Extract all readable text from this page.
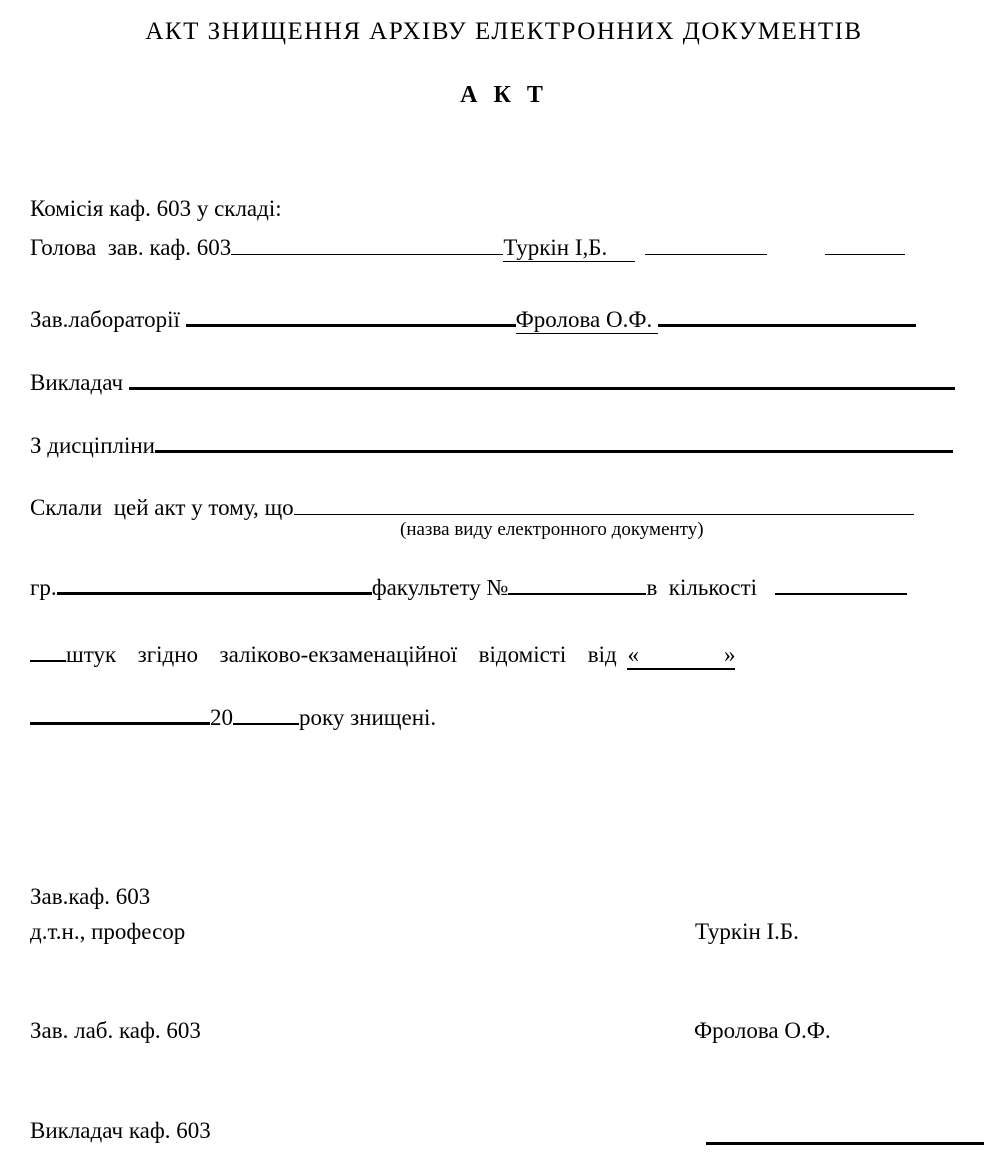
АКТ ЗНИЩЕННЯ АРХІВУ ЕЛЕКТРОННИХ ДОКУМЕНТІВ
А К Т
Комісія каф. 603 у складі:
Голова  зав. каф. 603	Туркін І,Б.
Зав.лабораторії	Фролова О.Ф.
Викладач
З дисціпліни
Склали  цей акт у тому, що
(назва виду електронного документу)
гр.	факультету №	в  кількості
штук  згідно  заліково-екзаменаційної  відомісті  від «	»
20	року знищені.
Зав.каф. 603
д.т.н., професор	Туркін І.Б.
Зав. лаб. каф. 603	Фролова О.Ф.
Викладач каф. 603
